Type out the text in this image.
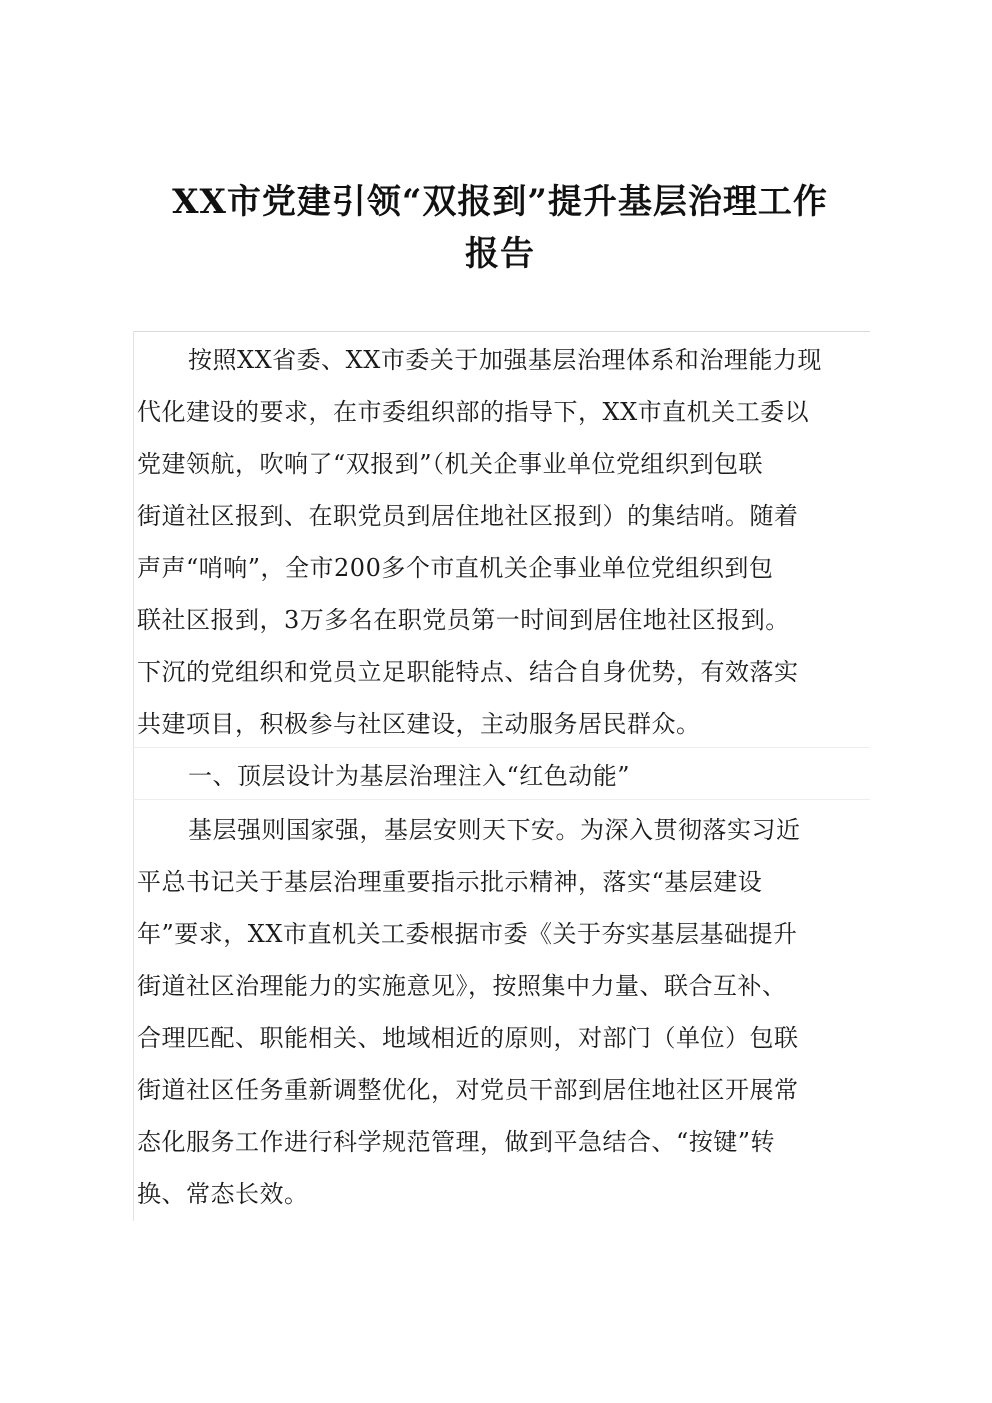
XX市党建引领“双报到”提升基层治理工作
报告
按照XX省委、XX市委关于加强基层治理体系和治理能力现
代化建设的要求，在市委组织部的指导下，XX市直机关工委以
党建领航，吹响了“双报到”（机关企事业单位党组织到包联
街道社区报到、在职党员到居住地社区报到）的集结哨。随着
声声“哨响”，全市200多个市直机关企事业单位党组织到包
联社区报到，3万多名在职党员第一时间到居住地社区报到。
下沉的党组织和党员立足职能特点、结合自身优势，有效落实
共建项目，积极参与社区建设，主动服务居民群众。
一、顶层设计为基层治理注入“红色动能”
基层强则国家强，基层安则天下安。为深入贯彻落实习近
平总书记关于基层治理重要指示批示精神，落实“基层建设
年”要求，XX市直机关工委根据市委《关于夯实基层基础提升
街道社区治理能力的实施意见》，按照集中力量、联合互补、
合理匹配、职能相关、地域相近的原则，对部门（单位）包联
街道社区任务重新调整优化，对党员干部到居住地社区开展常
态化服务工作进行科学规范管理，做到平急结合、“按键”转
换、常态长效。
